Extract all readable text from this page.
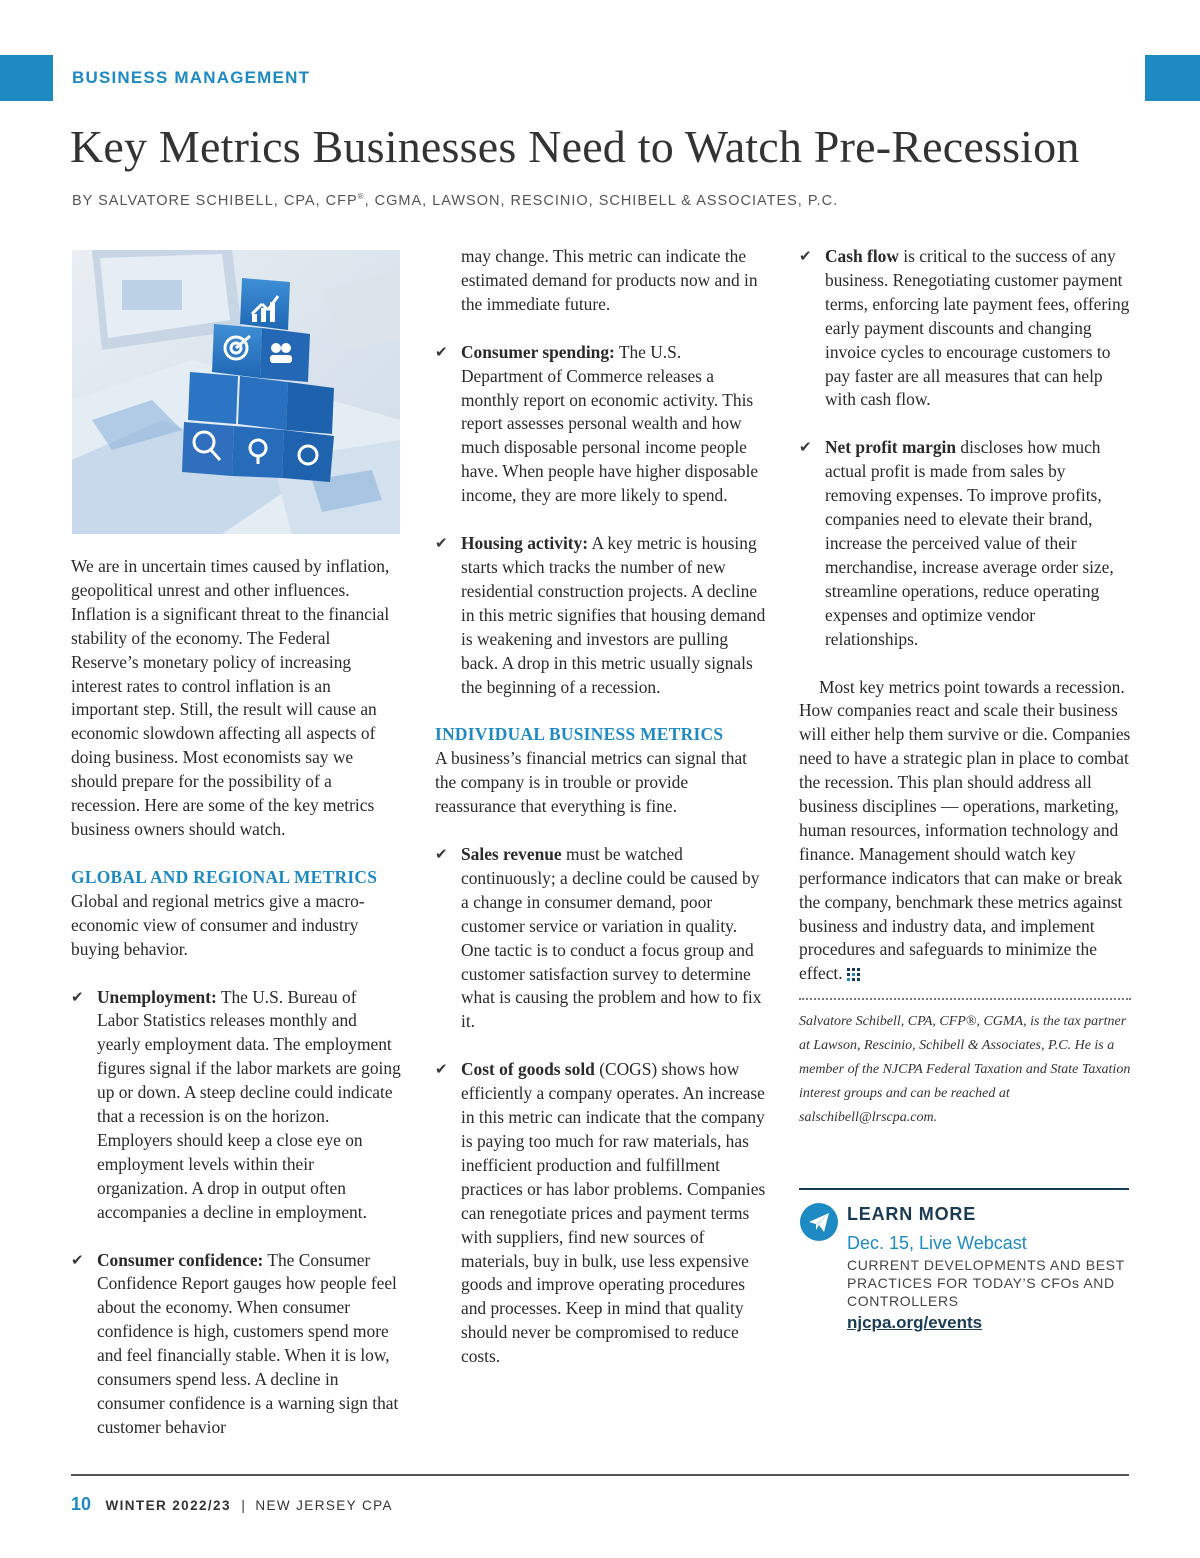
BUSINESS MANAGEMENT
Key Metrics Businesses Need to Watch Pre-Recession
BY SALVATORE SCHIBELL, CPA, CFP®, CGMA, LAWSON, RESCINIO, SCHIBELL & ASSOCIATES, P.C.

We are in uncertain times caused by inflation, geopolitical unrest and other influences. Inflation is a significant threat to the financial stability of the economy. The Federal Reserve’s monetary policy of increasing interest rates to control inflation is an important step. Still, the result will cause an economic slowdown affecting all aspects of doing business. Most economists say we should prepare for the possibility of a recession. Here are some of the key metrics business owners should watch.

GLOBAL AND REGIONAL METRICS

Global and regional metrics give a macro-economic view of consumer and industry buying behavior.

✔ Unemployment: The U.S. Bureau of Labor Statistics releases monthly and yearly employment data. The employment figures signal if the labor markets are going up or down. A steep decline could indicate that a recession is on the horizon. Employers should keep a close eye on employment levels within their organization. A drop in output often accompanies a decline in employment.

✔ Consumer confidence: The Consumer Confidence Report gauges how people feel about the economy. When consumer confidence is high, customers spend more and feel financially stable. When it is low, consumers spend less. A decline in consumer confidence is a warning sign that customer behavior

may change. This metric can indicate the estimated demand for products now and in the immediate future.

✔ Consumer spending: The U.S. Department of Commerce releases a monthly report on economic activity. This report assesses personal wealth and how much disposable personal income people have. When people have higher disposable income, they are more likely to spend.

✔ Housing activity: A key metric is housing starts which tracks the number of new residential construction projects. A decline in this metric signifies that housing demand is weakening and investors are pulling back. A drop in this metric usually signals the beginning of a recession.

INDIVIDUAL BUSINESS METRICS

A business’s financial metrics can signal that the company is in trouble or provide reassurance that everything is fine.

✔ Sales revenue must be watched continuously; a decline could be caused by a change in consumer demand, poor customer service or variation in quality. One tactic is to conduct a focus group and customer satisfaction survey to determine what is causing the problem and how to fix it.

✔ Cost of goods sold (COGS) shows how efficiently a company operates. An increase in this metric can indicate that the company is paying too much for raw materials, has inefficient production and fulfillment practices or has labor problems. Companies can renegotiate prices and payment terms with suppliers, find new sources of materials, buy in bulk, use less expensive goods and improve operating procedures and processes. Keep in mind that quality should never be compromised to reduce costs.

✔ Cash flow is critical to the success of any business. Renegotiating customer payment terms, enforcing late payment fees, offering early payment discounts and changing invoice cycles to encourage customers to pay faster are all measures that can help with cash flow.

✔ Net profit margin discloses how much actual profit is made from sales by removing expenses. To improve profits, companies need to elevate their brand, increase the perceived value of their merchandise, increase average order size, streamline operations, reduce operating expenses and optimize vendor relationships.

Most key metrics point towards a recession. How companies react and scale their business will either help them survive or die. Companies need to have a strategic plan in place to combat the recession. This plan should address all business disciplines — operations, marketing, human resources, information technology and finance. Management should watch key performance indicators that can make or break the company, benchmark these metrics against business and industry data, and implement procedures and safeguards to minimize the effect.

Salvatore Schibell, CPA, CFP®, CGMA, is the tax partner at Lawson, Rescinio, Schibell & Associates, P.C. He is a member of the NJCPA Federal Taxation and State Taxation interest groups and can be reached at salschibell@lrscpa.com.

LEARN MORE
Dec. 15, Live Webcast
CURRENT DEVELOPMENTS AND BEST PRACTICES FOR TODAY’S CFOs AND CONTROLLERS
njcpa.org/events
10 WINTER 2022/23 | NEW JERSEY CPA
